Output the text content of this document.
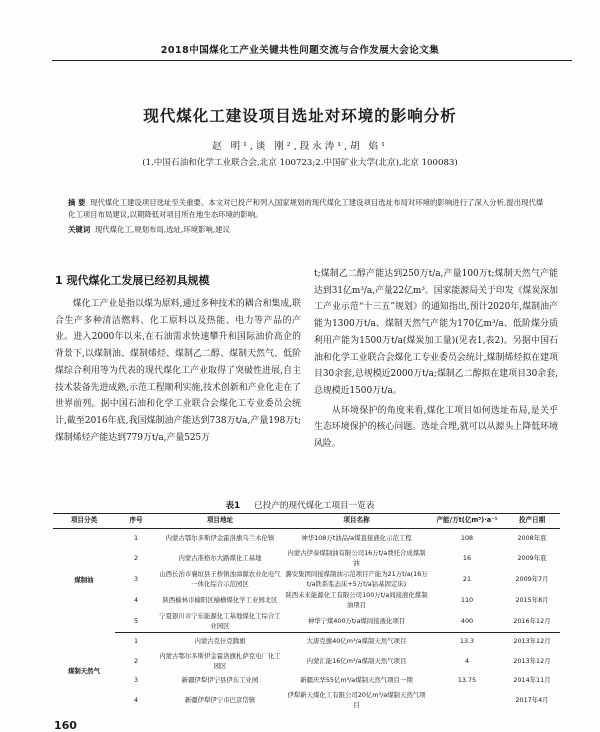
2018中国煤化工产业关键共性问题交流与合作发展大会论文集
现代煤化工建设项目选址对环境的影响分析
赵 明¹,谈 刚²,段永涛¹,胡 焰¹
(1.中国石油和化学工业联合会,北京 100723;2.中国矿业大学(北京),北京 100083)
摘 要 现代煤化工建设项目选址至关重要。本文对已投产和列入国家规划的现代煤化工建设项目选址布局对环境的影响进行了深入分析,提出现代煤化工项目布局建议,以期降低对项目所在地生态环境的影响。
关键词 现代煤化工,规划布局,选址,环境影响,建议
1 现代煤化工发展已经初具规模
煤化工产业是指以煤为原料,通过多种技术的耦合和集成,联合生产多种清洁燃料、化工原料以及热能、电力等产品的产业。进入2000年以来,在石油需求快速攀升和国际油价高企的背景下,以煤制油、煤制烯烃、煤制乙二醇、煤制天然气、低阶煤综合利用等为代表的现代煤化工产业取得了突破性进展,自主技术装备先进成熟,示范工程顺利实施,技术创新和产业化走在了世界前列。据中国石油和化学工业联合会煤化工专业委员会统计,截至2016年底,我国煤制油产能达到738万t/a,产量198万t;煤制烯烃产能达到779万t/a,产量525万

t;煤制乙二醇产能达到250万t/a,产量100万t;煤制天然气产能达到31亿m³/a,产量22亿m³。国家能源局关于印发《煤炭深加工产业示范“十三五”规划》的通知指出,预计2020年,煤制油产能为1300万t/a、煤制天然气产能为170亿m³/a、低阶煤分质利用产能为1500万t/a(煤炭加工量)(见表1,表2)。另据中国石油和化学工业联合会煤化工专业委员会统计,煤制烯烃拟在建项目30余套,总规模近2000万t/a;煤制乙二醇拟在建项目30余套,总规模近1500万t/a。

从环境保护的角度来看,煤化工项目如何选址布局,是关乎生态环境保护的核心问题。选址合理,就可以从源头上降低环境风险。

表1 已投产的现代煤化工项目一览表
项目分类	序号	项目地址	项目名称	产能/万t(亿m³)·a⁻¹	投产日期
煤制油	1	内蒙古鄂尔多斯伊金霍洛旗乌兰木伦镇	神华108万t油品/a煤直接液化示范工程	108	2008年底
	2	内蒙古准格尔大路煤化工基地	内蒙古伊泰煤制油有限公司16万t/a费托合成煤制油	16	2009年底
	3	山西长治市襄垣县王桥镇浊漳源农业化电气一体化综合示范园区	潞安集团间接煤制油示范项目产能为21万t/a(16万t/a铁系浆态床+5万t/a钴基固定床)	21	2009年7月
	4	陕西榆林市榆阳区榆横煤化学工业园北区	陕西未来能源化工有限公司100万t/a间接液化煤制油项目	110	2015年8月
	5	宁夏银川市宁东能源化工基地煤化工综合工业园区	神华宁煤400万t/a煤间接液化项目	400	2016年12月
煤制天然气	1	内蒙古克什克腾旗	大唐克旗40亿m³/a煤制天然气项目	13.3	2013年12月
	2	内蒙古鄂尔多斯伊金霍洛旗札萨克电厂化工园区	内蒙汇能16亿m³/a煤制天然气项目	4	2013年12月
	3	新疆伊犁伊宁县伊东工业园	新疆庆华55亿m³/a煤制天然气项目一期	13.75	2014年11月
	4	新疆伊犁伊宁市巴彦岱镇	伊犁新天煤化工有限公司20亿m³/a煤制天然气项目		2017年4月
160
